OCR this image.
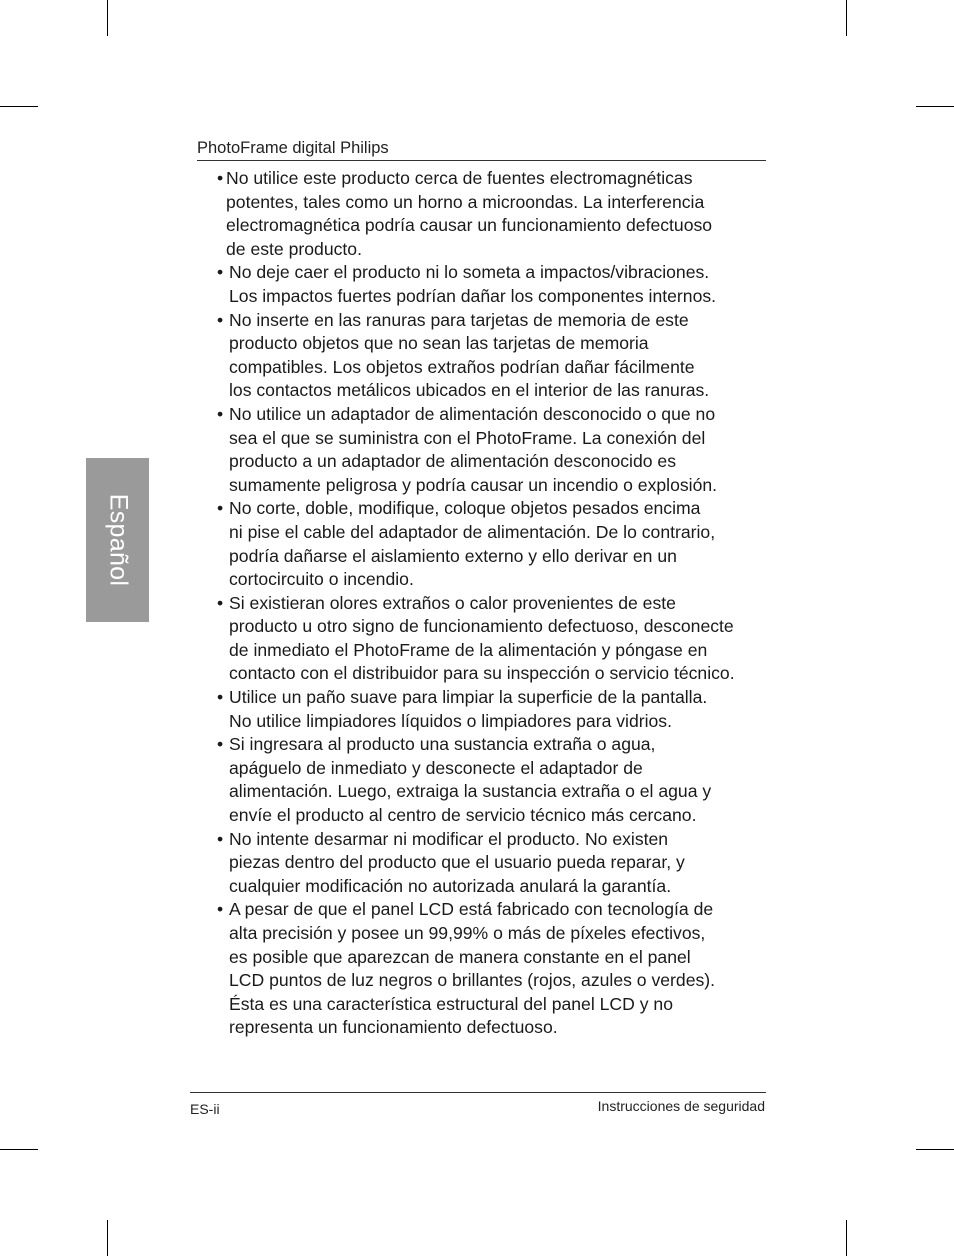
PhotoFrame digital Philips
Español
• No utilice este producto cerca de fuentes electromagnéticas
potentes, tales como un horno a microondas. La interferencia
electromagnética podría causar un funcionamiento defectuoso
de este producto.
• No deje caer el producto ni lo someta a impactos/vibraciones.
Los impactos fuertes podrían dañar los componentes internos.
• No inserte en las ranuras para tarjetas de memoria de este
producto objetos que no sean las tarjetas de memoria
compatibles. Los objetos extraños podrían dañar fácilmente
los contactos metálicos ubicados en el interior de las ranuras.
• No utilice un adaptador de alimentación desconocido o que no
sea el que se suministra con el PhotoFrame. La conexión del
producto a un adaptador de alimentación desconocido es
sumamente peligrosa y podría causar un incendio o explosión.
• No corte, doble, modifique, coloque objetos pesados encima
ni pise el cable del adaptador de alimentación. De lo contrario,
podría dañarse el aislamiento externo y ello derivar en un
cortocircuito o incendio.
• Si existieran olores extraños o calor provenientes de este
producto u otro signo de funcionamiento defectuoso, desconecte
de inmediato el PhotoFrame de la alimentación y póngase en
contacto con el distribuidor para su inspección o servicio técnico.
• Utilice un paño suave para limpiar la superficie de la pantalla.
No utilice limpiadores líquidos o limpiadores para vidrios.
• Si ingresara al producto una sustancia extraña o agua,
apáguelo de inmediato y desconecte el adaptador de
alimentación. Luego, extraiga la sustancia extraña o el agua y
envíe el producto al centro de servicio técnico más cercano.
• No intente desarmar ni modificar el producto. No existen
piezas dentro del producto que el usuario pueda reparar, y
cualquier modificación no autorizada anulará la garantía.
• A pesar de que el panel LCD está fabricado con tecnología de
alta precisión y posee un 99,99% o más de píxeles efectivos,
es posible que aparezcan de manera constante en el panel
LCD puntos de luz negros o brillantes (rojos, azules o verdes).
Ésta es una característica estructural del panel LCD y no
representa un funcionamiento defectuoso.
ES-ii	Instrucciones de seguridad
